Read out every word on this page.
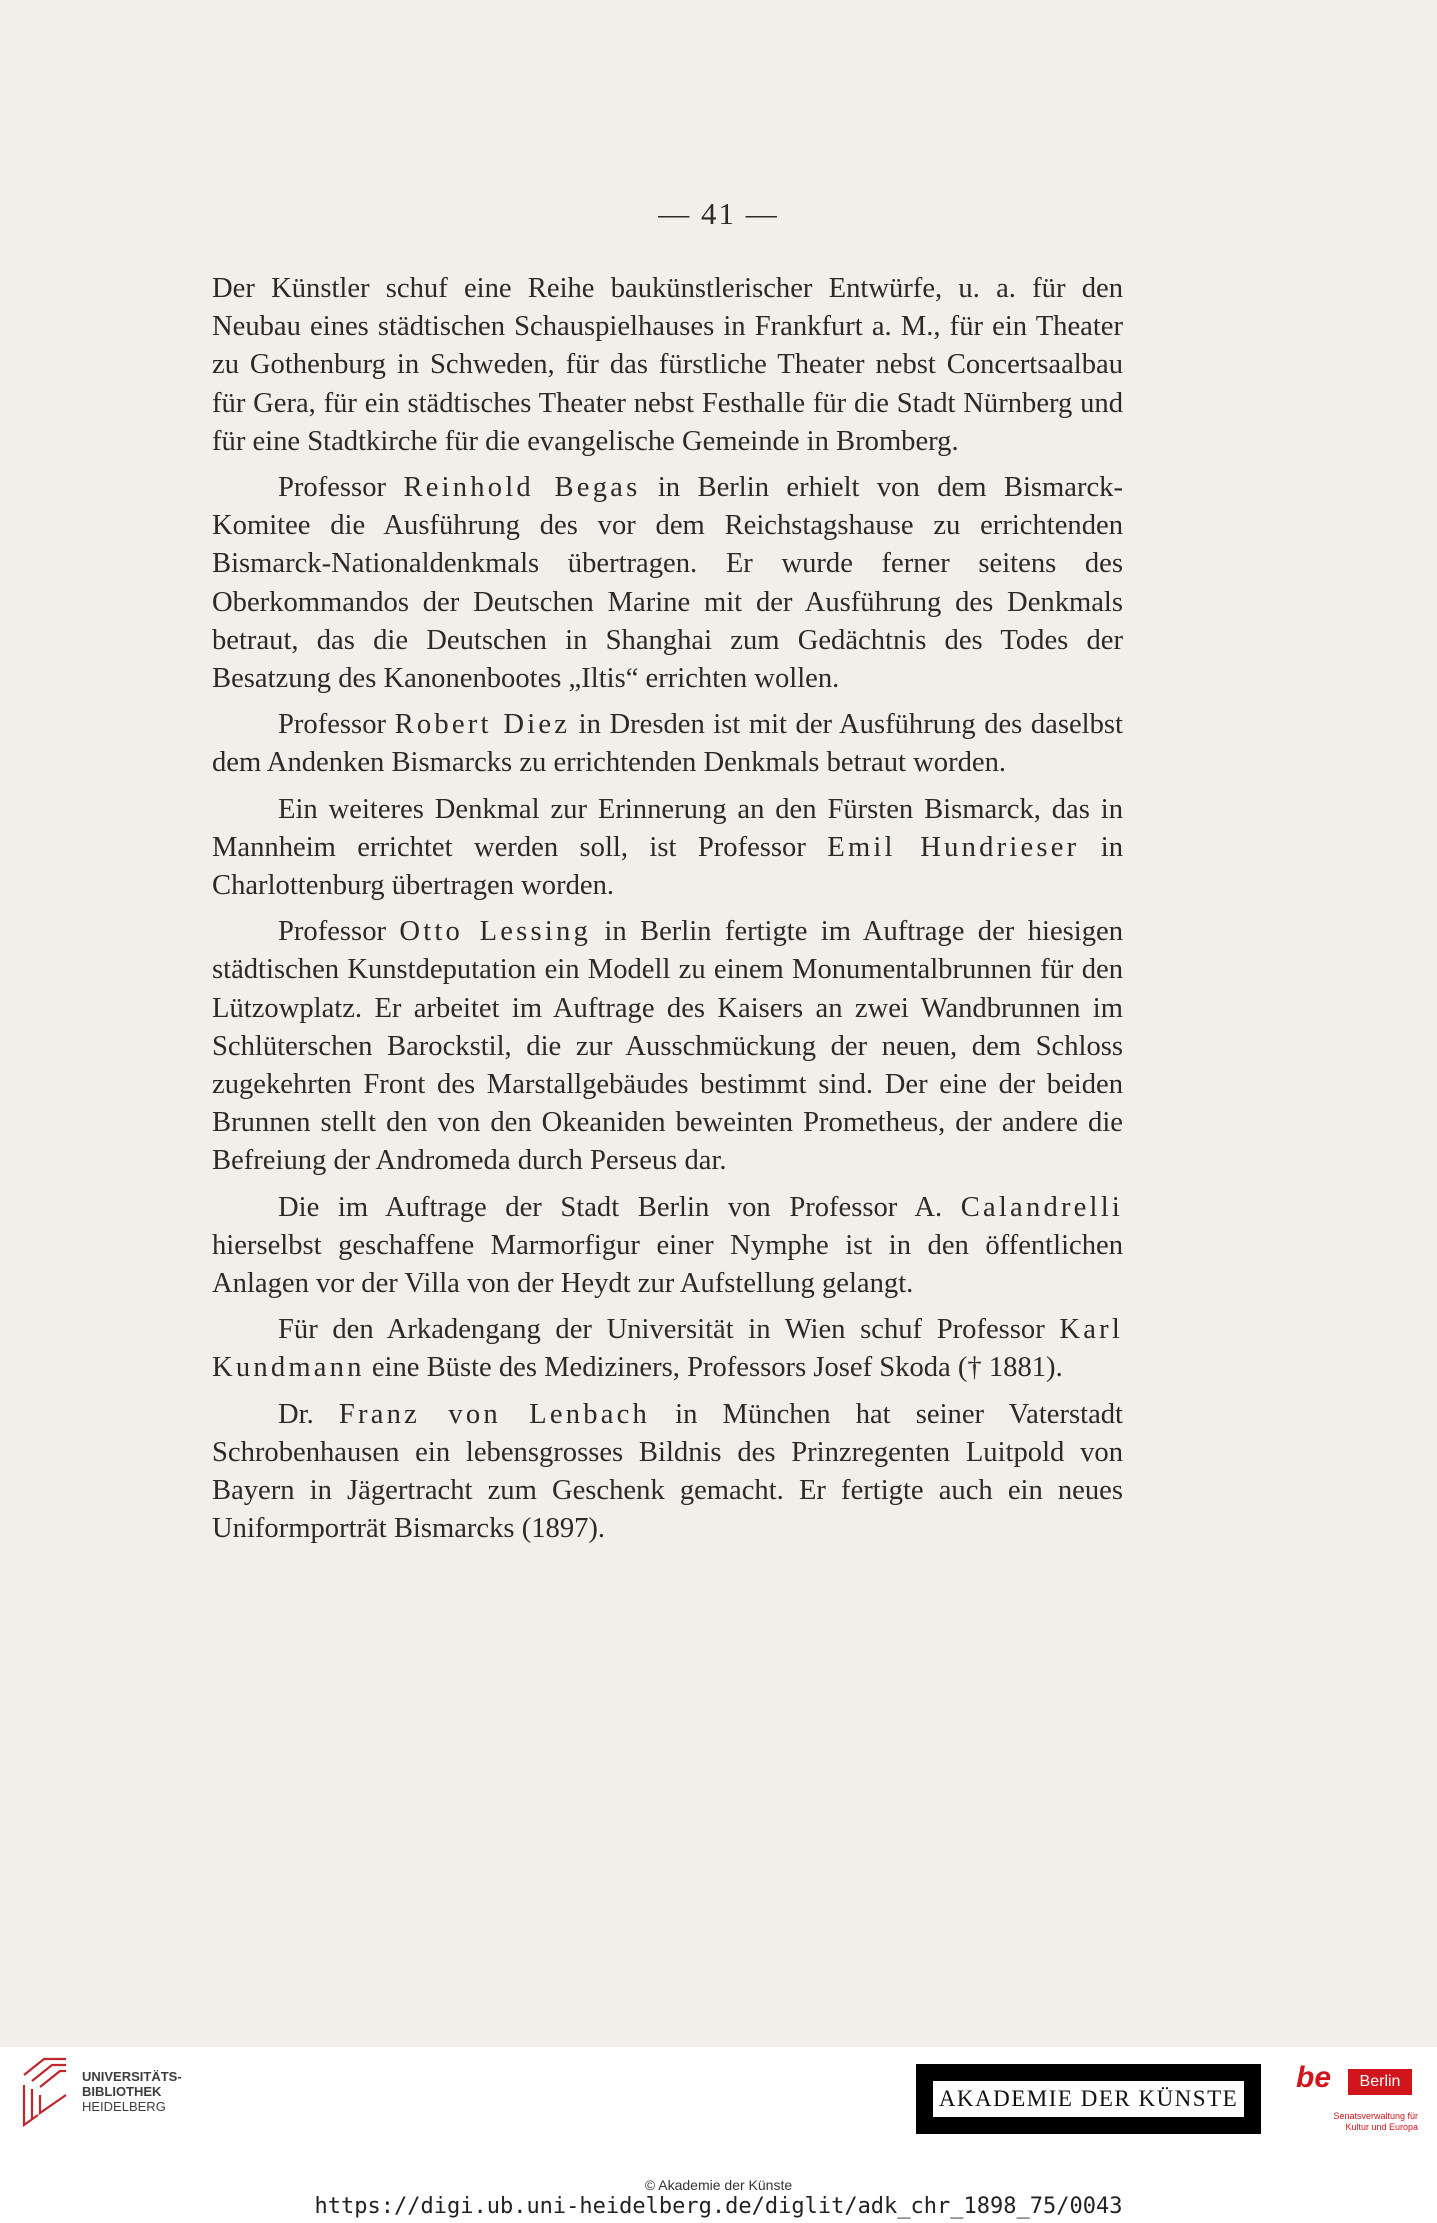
— 41 —

Der Künstler schuf eine Reihe baukünstlerischer Entwürfe, u. a. für den Neubau eines städtischen Schauspielhauses in Frankfurt a. M., für ein Theater zu Gothenburg in Schweden, für das fürstliche Theater nebst Concertsaalbau für Gera, für ein städtisches Theater nebst Festhalle für die Stadt Nürnberg und für eine Stadtkirche für die evangelische Gemeinde in Bromberg.

Professor Reinhold Begas in Berlin erhielt von dem Bismarck-Komitee die Ausführung des vor dem Reichstagshause zu errichtenden Bismarck-Nationaldenkmals übertragen. Er wurde ferner seitens des Oberkommandos der Deutschen Marine mit der Ausführung des Denkmals betraut, das die Deutschen in Shanghai zum Gedächtnis des Todes der Besatzung des Kanonenbootes „Iltis“ errichten wollen.

Professor Robert Diez in Dresden ist mit der Ausführung des daselbst dem Andenken Bismarcks zu errichtenden Denkmals betraut worden.

Ein weiteres Denkmal zur Erinnerung an den Fürsten Bismarck, das in Mannheim errichtet werden soll, ist Professor Emil Hundrieser in Charlottenburg übertragen worden.

Professor Otto Lessing in Berlin fertigte im Auftrage der hiesigen städtischen Kunstdeputation ein Modell zu einem Monumentalbrunnen für den Lützowplatz. Er arbeitet im Auftrage des Kaisers an zwei Wandbrunnen im Schlüterschen Barockstil, die zur Ausschmückung der neuen, dem Schloss zugekehrten Front des Marstallgebäudes bestimmt sind. Der eine der beiden Brunnen stellt den von den Okeaniden beweinten Prometheus, der andere die Befreiung der Andromeda durch Perseus dar.

Die im Auftrage der Stadt Berlin von Professor A. Calandrelli hierselbst geschaffene Marmorfigur einer Nymphe ist in den öffentlichen Anlagen vor der Villa von der Heydt zur Aufstellung gelangt.

Für den Arkadengang der Universität in Wien schuf Professor Karl Kundmann eine Büste des Mediziners, Professors Josef Skoda († 1881).

Dr. Franz von Lenbach in München hat seiner Vaterstadt Schrobenhausen ein lebensgrosses Bildnis des Prinzregenten Luitpold von Bayern in Jägertracht zum Geschenk gemacht. Er fertigte auch ein neues Uniformporträt Bismarcks (1897).

UNIVERSITÄTS-
BIBLIOTHEK
HEIDELBERG	AKADEMIE DER KÜNSTE
be	Berlin
Senatsverwaltung für Kultur und Europa
© Akademie der Künste
https://digi.ub.uni-heidelberg.de/diglit/adk_chr_1898_75/0043
